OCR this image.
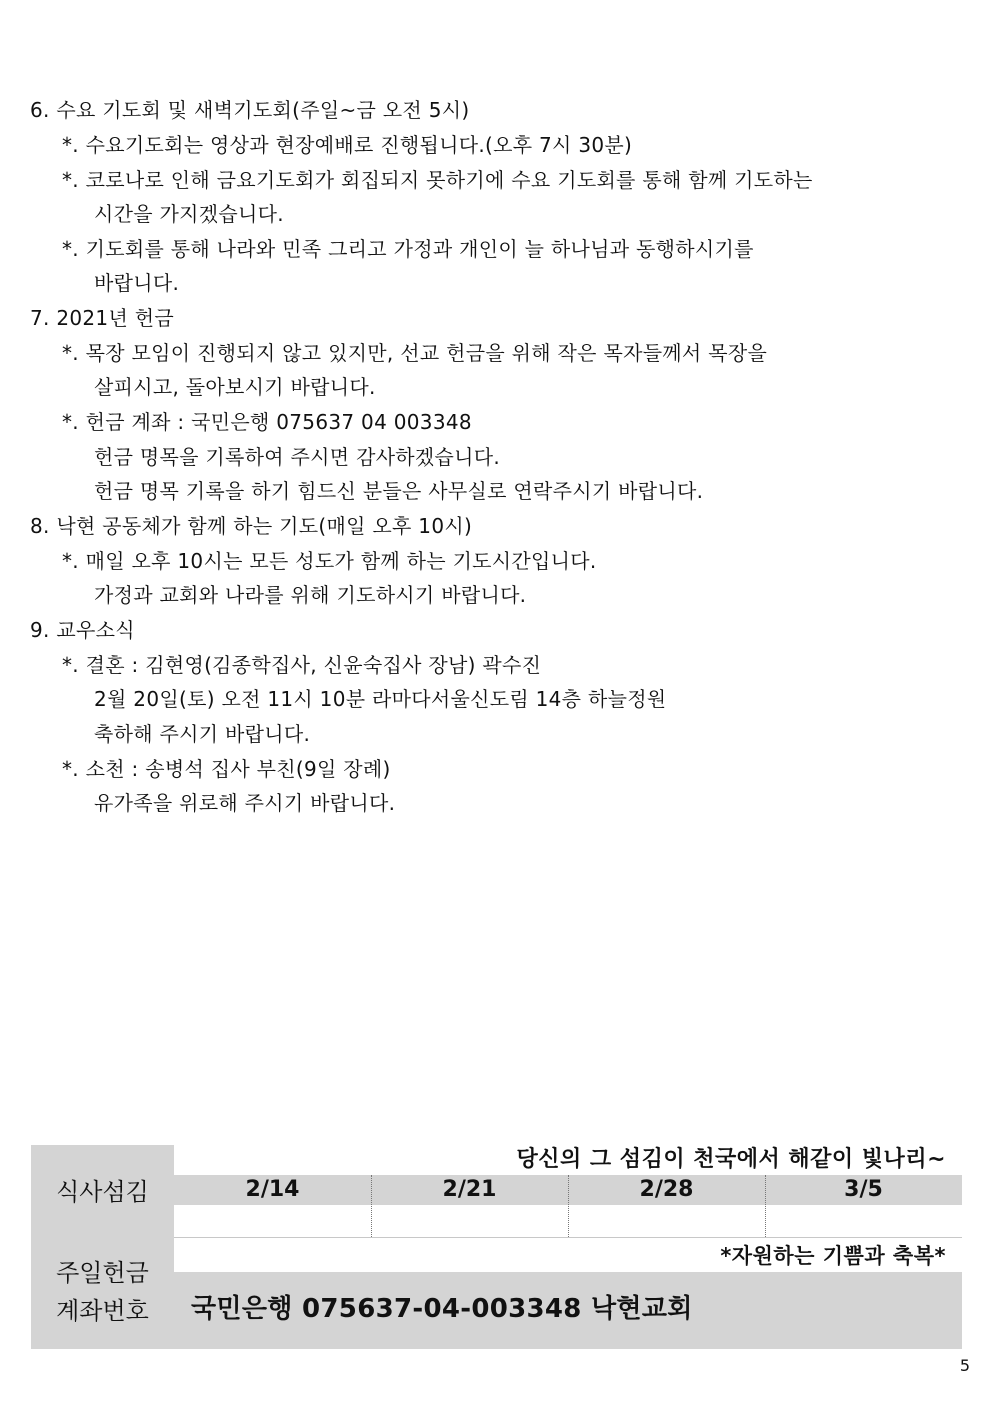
6. 수요 기도회 및 새벽기도회(주일~금 오전 5시)
*. 수요기도회는 영상과 현장예배로 진행됩니다.(오후 7시 30분)
*. 코로나로 인해 금요기도회가 회집되지 못하기에 수요 기도회를 통해 함께 기도하는
시간을 가지겠습니다.
*. 기도회를 통해 나라와 민족 그리고 가정과 개인이 늘 하나님과 동행하시기를
바랍니다.
7. 2021년 헌금
*. 목장 모임이 진행되지 않고 있지만, 선교 헌금을 위해 작은 목자들께서 목장을
살피시고, 돌아보시기 바랍니다.
*. 헌금 계좌 : 국민은행 075637 04 003348
헌금 명목을 기록하여 주시면 감사하겠습니다.
헌금 명목 기록을 하기 힘드신 분들은 사무실로 연락주시기 바랍니다.
8. 낙현 공동체가 함께 하는 기도(매일 오후 10시)
*. 매일 오후 10시는 모든 성도가 함께 하는 기도시간입니다.
가정과 교회와 나라를 위해 기도하시기 바랍니다.
9. 교우소식
*. 결혼 : 김현영(김종학집사, 신윤숙집사 장남) 곽수진
2월 20일(토) 오전 11시 10분 라마다서울신도림 14층 하늘정원
축하해 주시기 바랍니다.
*. 소천 : 송병석 집사 부친(9일 장례)
유가족을 위로해 주시기 바랍니다.
식사섬김
당신의 그 섬김이 천국에서 해같이 빛나리~
2/14	2/21	2/28	3/5
*자원하는 기쁨과 축복*
주일헌금
계좌번호	국민은행 075637-04-003348 낙현교회
5
